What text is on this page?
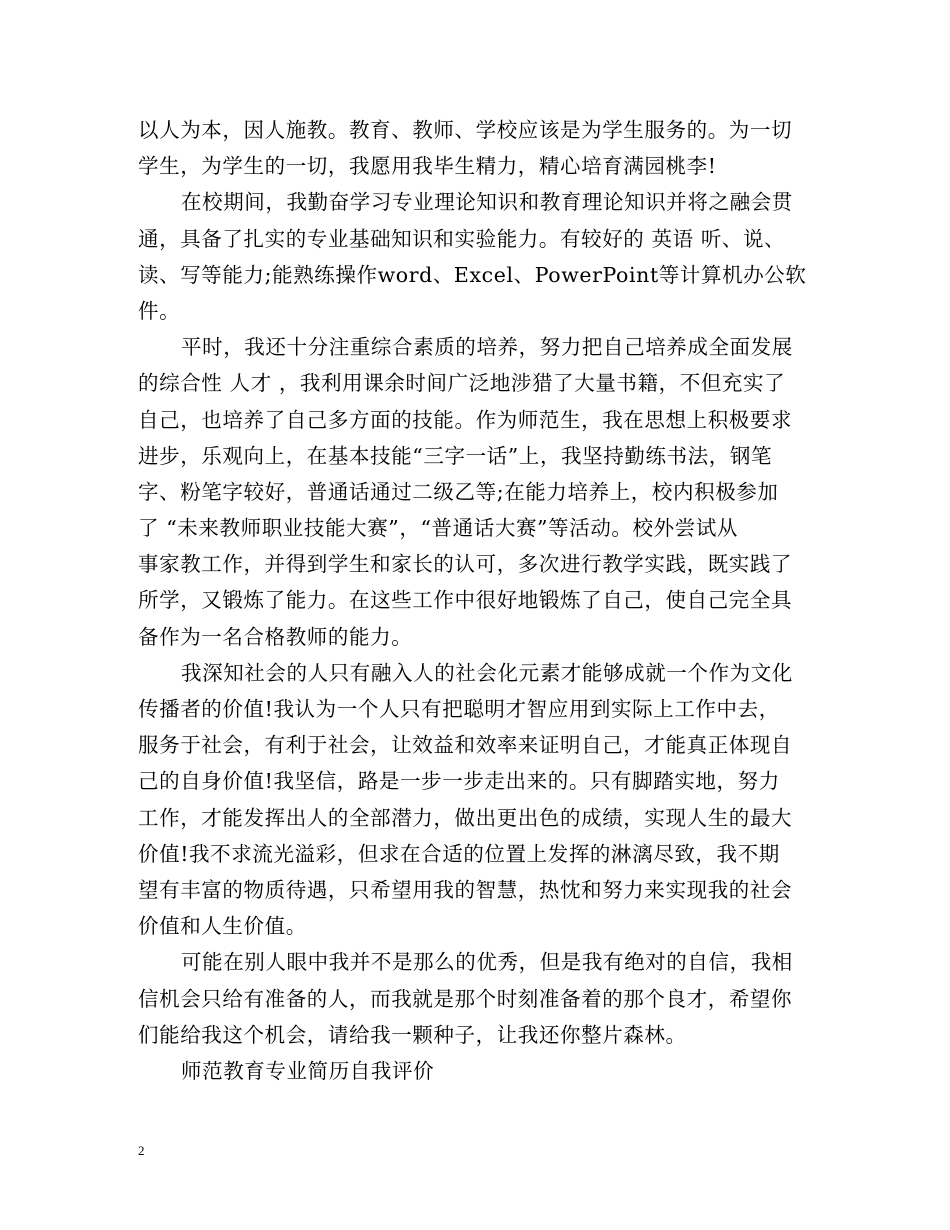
以人为本，因人施教。教育、教师、学校应该是为学生服务的。为一切
学生，为学生的一切，我愿用我毕生精力，精心培育满园桃李!
在校期间，我勤奋学习专业理论知识和教育理论知识并将之融会贯
通，具备了扎实的专业基础知识和实验能力。有较好的 英语 听、说、
读、写等能力;能熟练操作word、Excel、PowerPoint等计算机办公软
件。
平时，我还十分注重综合素质的培养，努力把自己培养成全面发展
的综合性 人才 ，我利用课余时间广泛地涉猎了大量书籍，不但充实了
自己，也培养了自己多方面的技能。作为师范生，我在思想上积极要求
进步，乐观向上，在基本技能“三字一话”上，我坚持勤练书法，钢笔
字、粉笔字较好，普通话通过二级乙等;在能力培养上，校内积极参加
了 “未来教师职业技能大赛”，“普通话大赛”等活动。校外尝试从
事家教工作，并得到学生和家长的认可，多次进行教学实践，既实践了
所学，又锻炼了能力。在这些工作中很好地锻炼了自己，使自己完全具
备作为一名合格教师的能力。
我深知社会的人只有融入人的社会化元素才能够成就一个作为文化
传播者的价值!我认为一个人只有把聪明才智应用到实际上工作中去，
服务于社会，有利于社会，让效益和效率来证明自己，才能真正体现自
己的自身价值!我坚信，路是一步一步走出来的。只有脚踏实地，努力
工作，才能发挥出人的全部潜力，做出更出色的成绩，实现人生的最大
价值!我不求流光溢彩，但求在合适的位置上发挥的淋漓尽致，我不期
望有丰富的物质待遇，只希望用我的智慧，热忱和努力来实现我的社会
价值和人生价值。
可能在别人眼中我并不是那么的优秀，但是我有绝对的自信，我相
信机会只给有准备的人，而我就是那个时刻准备着的那个良才，希望你
们能给我这个机会，请给我一颗种子，让我还你整片森林。
师范教育专业简历自我评价
2
